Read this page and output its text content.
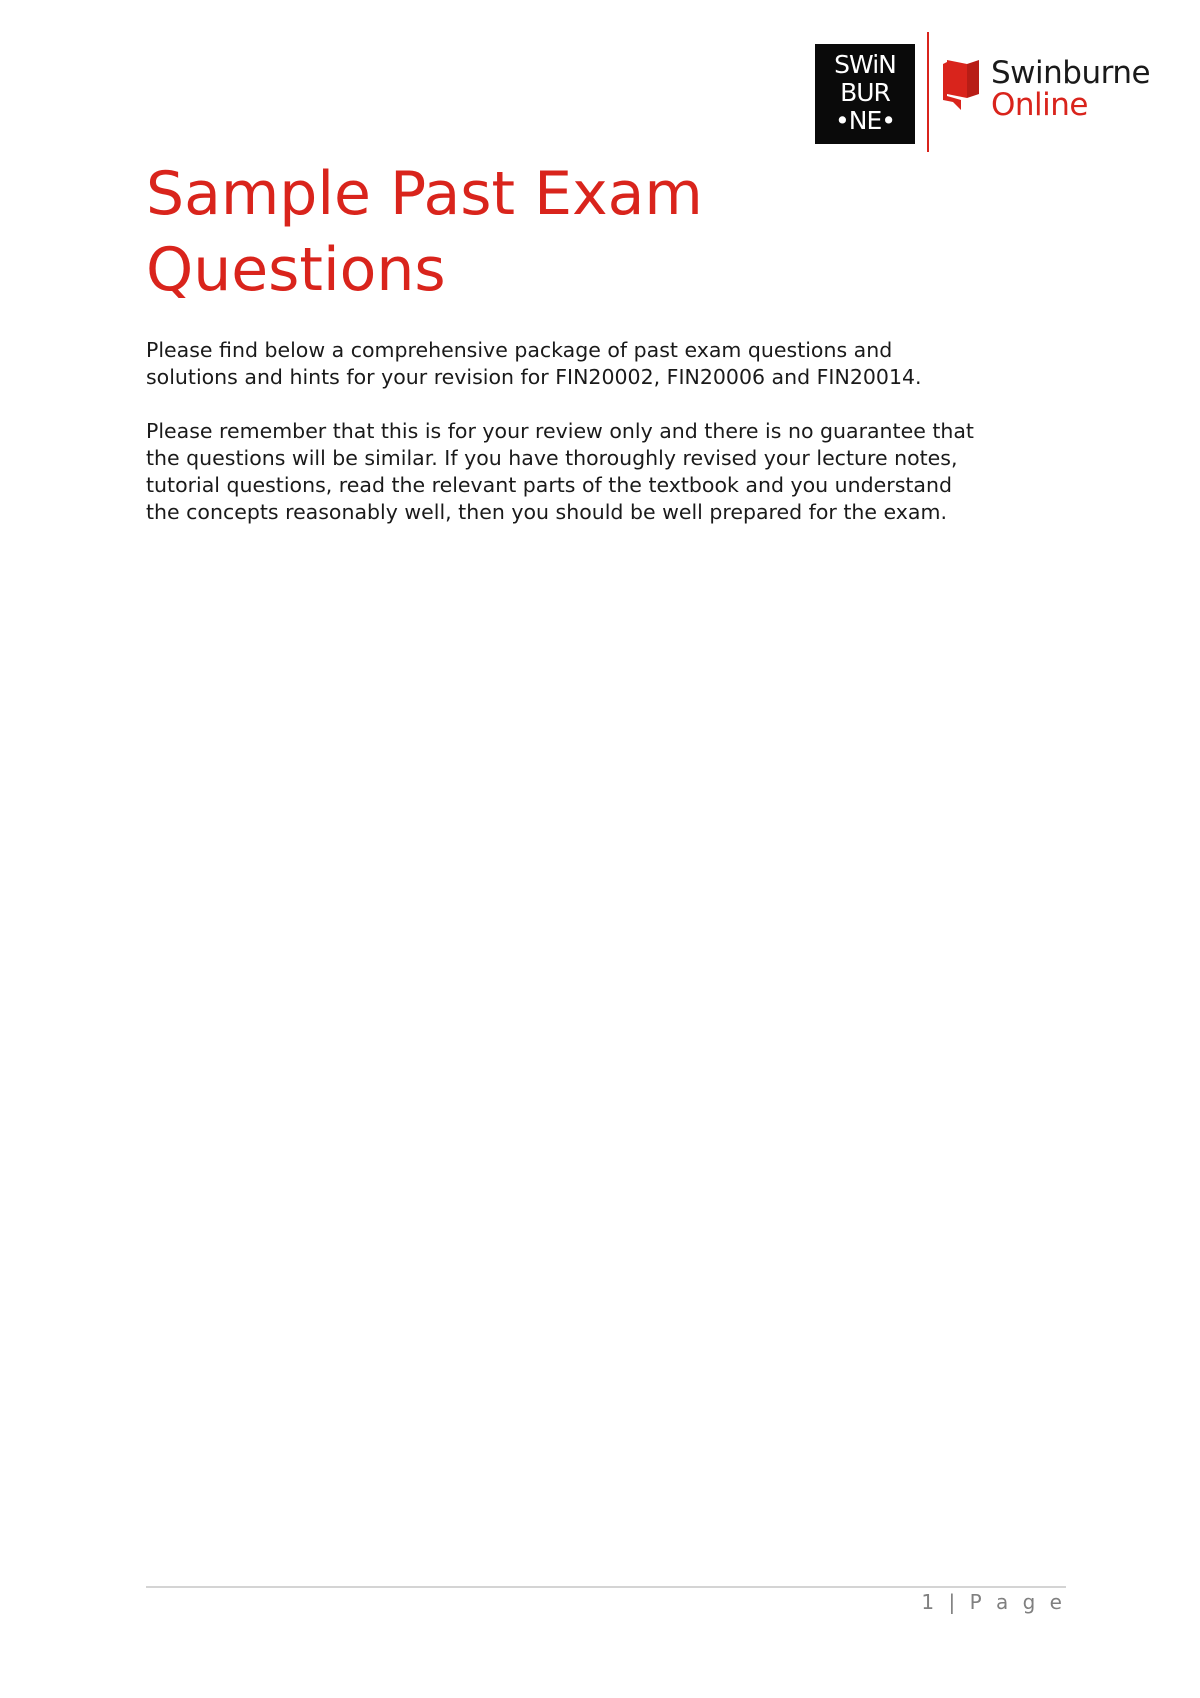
SWiN
BUR
•NE•
Swinburne
Online
Sample Past Exam Questions

Please find below a comprehensive package of past exam questions and
solutions and hints for your revision for FIN20002, FIN20006 and FIN20014.

Please remember that this is for your review only and there is no guarantee that
the questions will be similar. If you have thoroughly revised your lecture notes,
tutorial questions, read the relevant parts of the textbook and you understand
the concepts reasonably well, then you should be well prepared for the exam.

1 | P a g e
